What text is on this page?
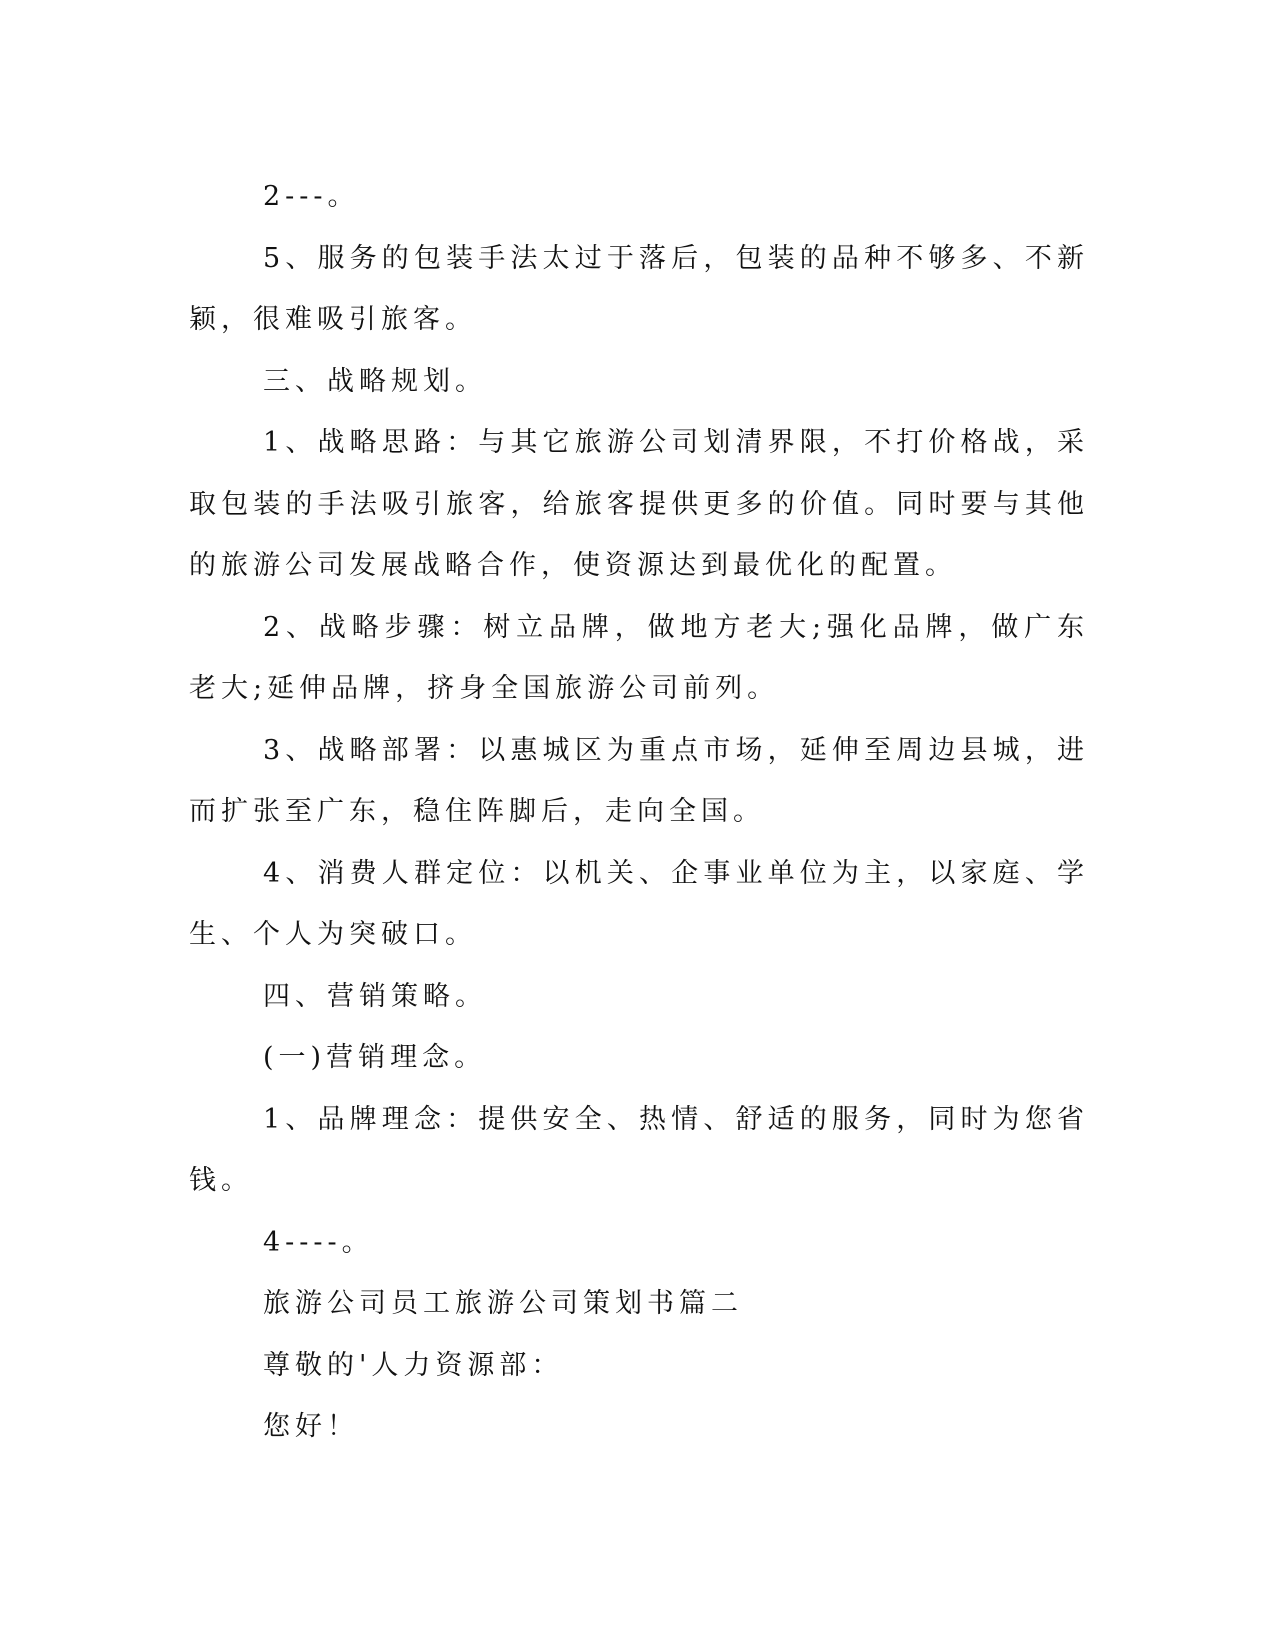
2---。

5、服务的包装手法太过于落后，包装的品种不够多、不新颖，很难吸引旅客。

三、战略规划。

1、战略思路：与其它旅游公司划清界限，不打价格战，采取包装的手法吸引旅客，给旅客提供更多的价值。同时要与其他的旅游公司发展战略合作，使资源达到最优化的配置。

2、战略步骤：树立品牌，做地方老大;强化品牌，做广东老大;延伸品牌，挤身全国旅游公司前列。

3、战略部署：以惠城区为重点市场，延伸至周边县城，进而扩张至广东，稳住阵脚后，走向全国。

4、消费人群定位：以机关、企事业单位为主，以家庭、学生、个人为突破口。

四、营销策略。

(一)营销理念。

1、品牌理念：提供安全、热情、舒适的服务，同时为您省钱。

4----。

旅游公司员工旅游公司策划书篇二

尊敬的'人力资源部：

您好！
